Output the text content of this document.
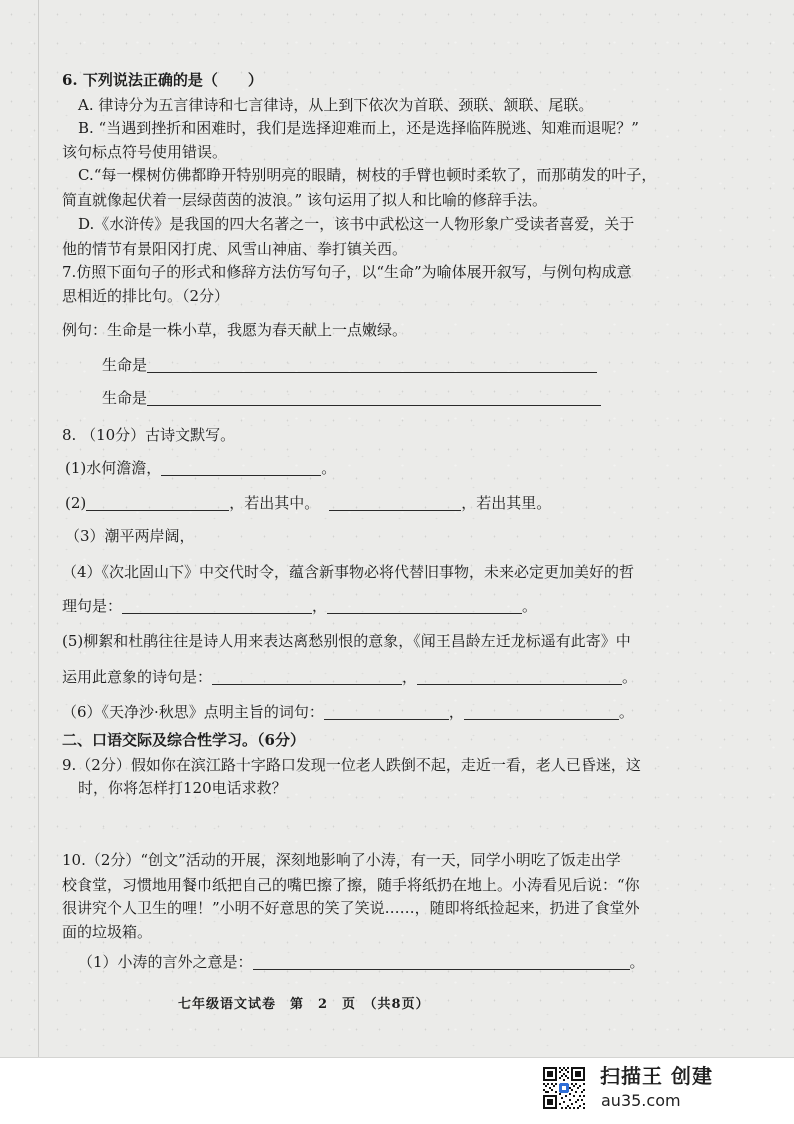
6. 下列说法正确的是（　　）
A. 律诗分为五言律诗和七言律诗，从上到下依次为首联、颈联、颔联、尾联。
B. “当遇到挫折和困难时，我们是选择迎难而上，还是选择临阵脱逃、知难而退呢？”
该句标点符号使用错误。
C.“每一棵树仿佛都睁开特别明亮的眼睛，树枝的手臂也顿时柔软了，而那萌发的叶子，
简直就像起伏着一层绿茵茵的波浪。” 该句运用了拟人和比喻的修辞手法。
D.《水浒传》是我国的四大名著之一，该书中武松这一人物形象广受读者喜爱，关于
他的情节有景阳冈打虎、风雪山神庙、拳打镇关西。
7.仿照下面句子的形式和修辞方法仿写句子，以“生命”为喻体展开叙写，与例句构成意
思相近的排比句。（2分）
例句：生命是一株小草，我愿为春天献上一点嫩绿。
生命是
生命是
8. （10分）古诗文默写。
(1)水何澹澹，	。
(2)	，若出其中。	，若出其里。
（3）潮平两岸阔，
（4）《次北固山下》中交代时令，蕴含新事物必将代替旧事物，未来必定更加美好的哲
理句是：	，	。
(5)柳絮和杜鹃往往是诗人用来表达离愁别恨的意象，《闻王昌龄左迁龙标遥有此寄》中
运用此意象的诗句是：	，	。
（6）《天净沙·秋思》点明主旨的词句：	，	。
二、口语交际及综合性学习。（6分）
9.（2分）假如你在滨江路十字路口发现一位老人跌倒不起，走近一看，老人已昏迷，这
时，你将怎样打120电话求救？
10.（2分）“创文”活动的开展，深刻地影响了小涛，有一天，同学小明吃了饭走出学
校食堂，习惯地用餐巾纸把自己的嘴巴擦了擦，随手将纸扔在地上。小涛看见后说：“你
很讲究个人卫生的哩！”小明不好意思的笑了笑说……，随即将纸捡起来，扔进了食堂外
面的垃圾箱。
（1）小涛的言外之意是：	。
七年级语文试卷　第　2　页　（共8页）
扫描王 创建
au35.com
